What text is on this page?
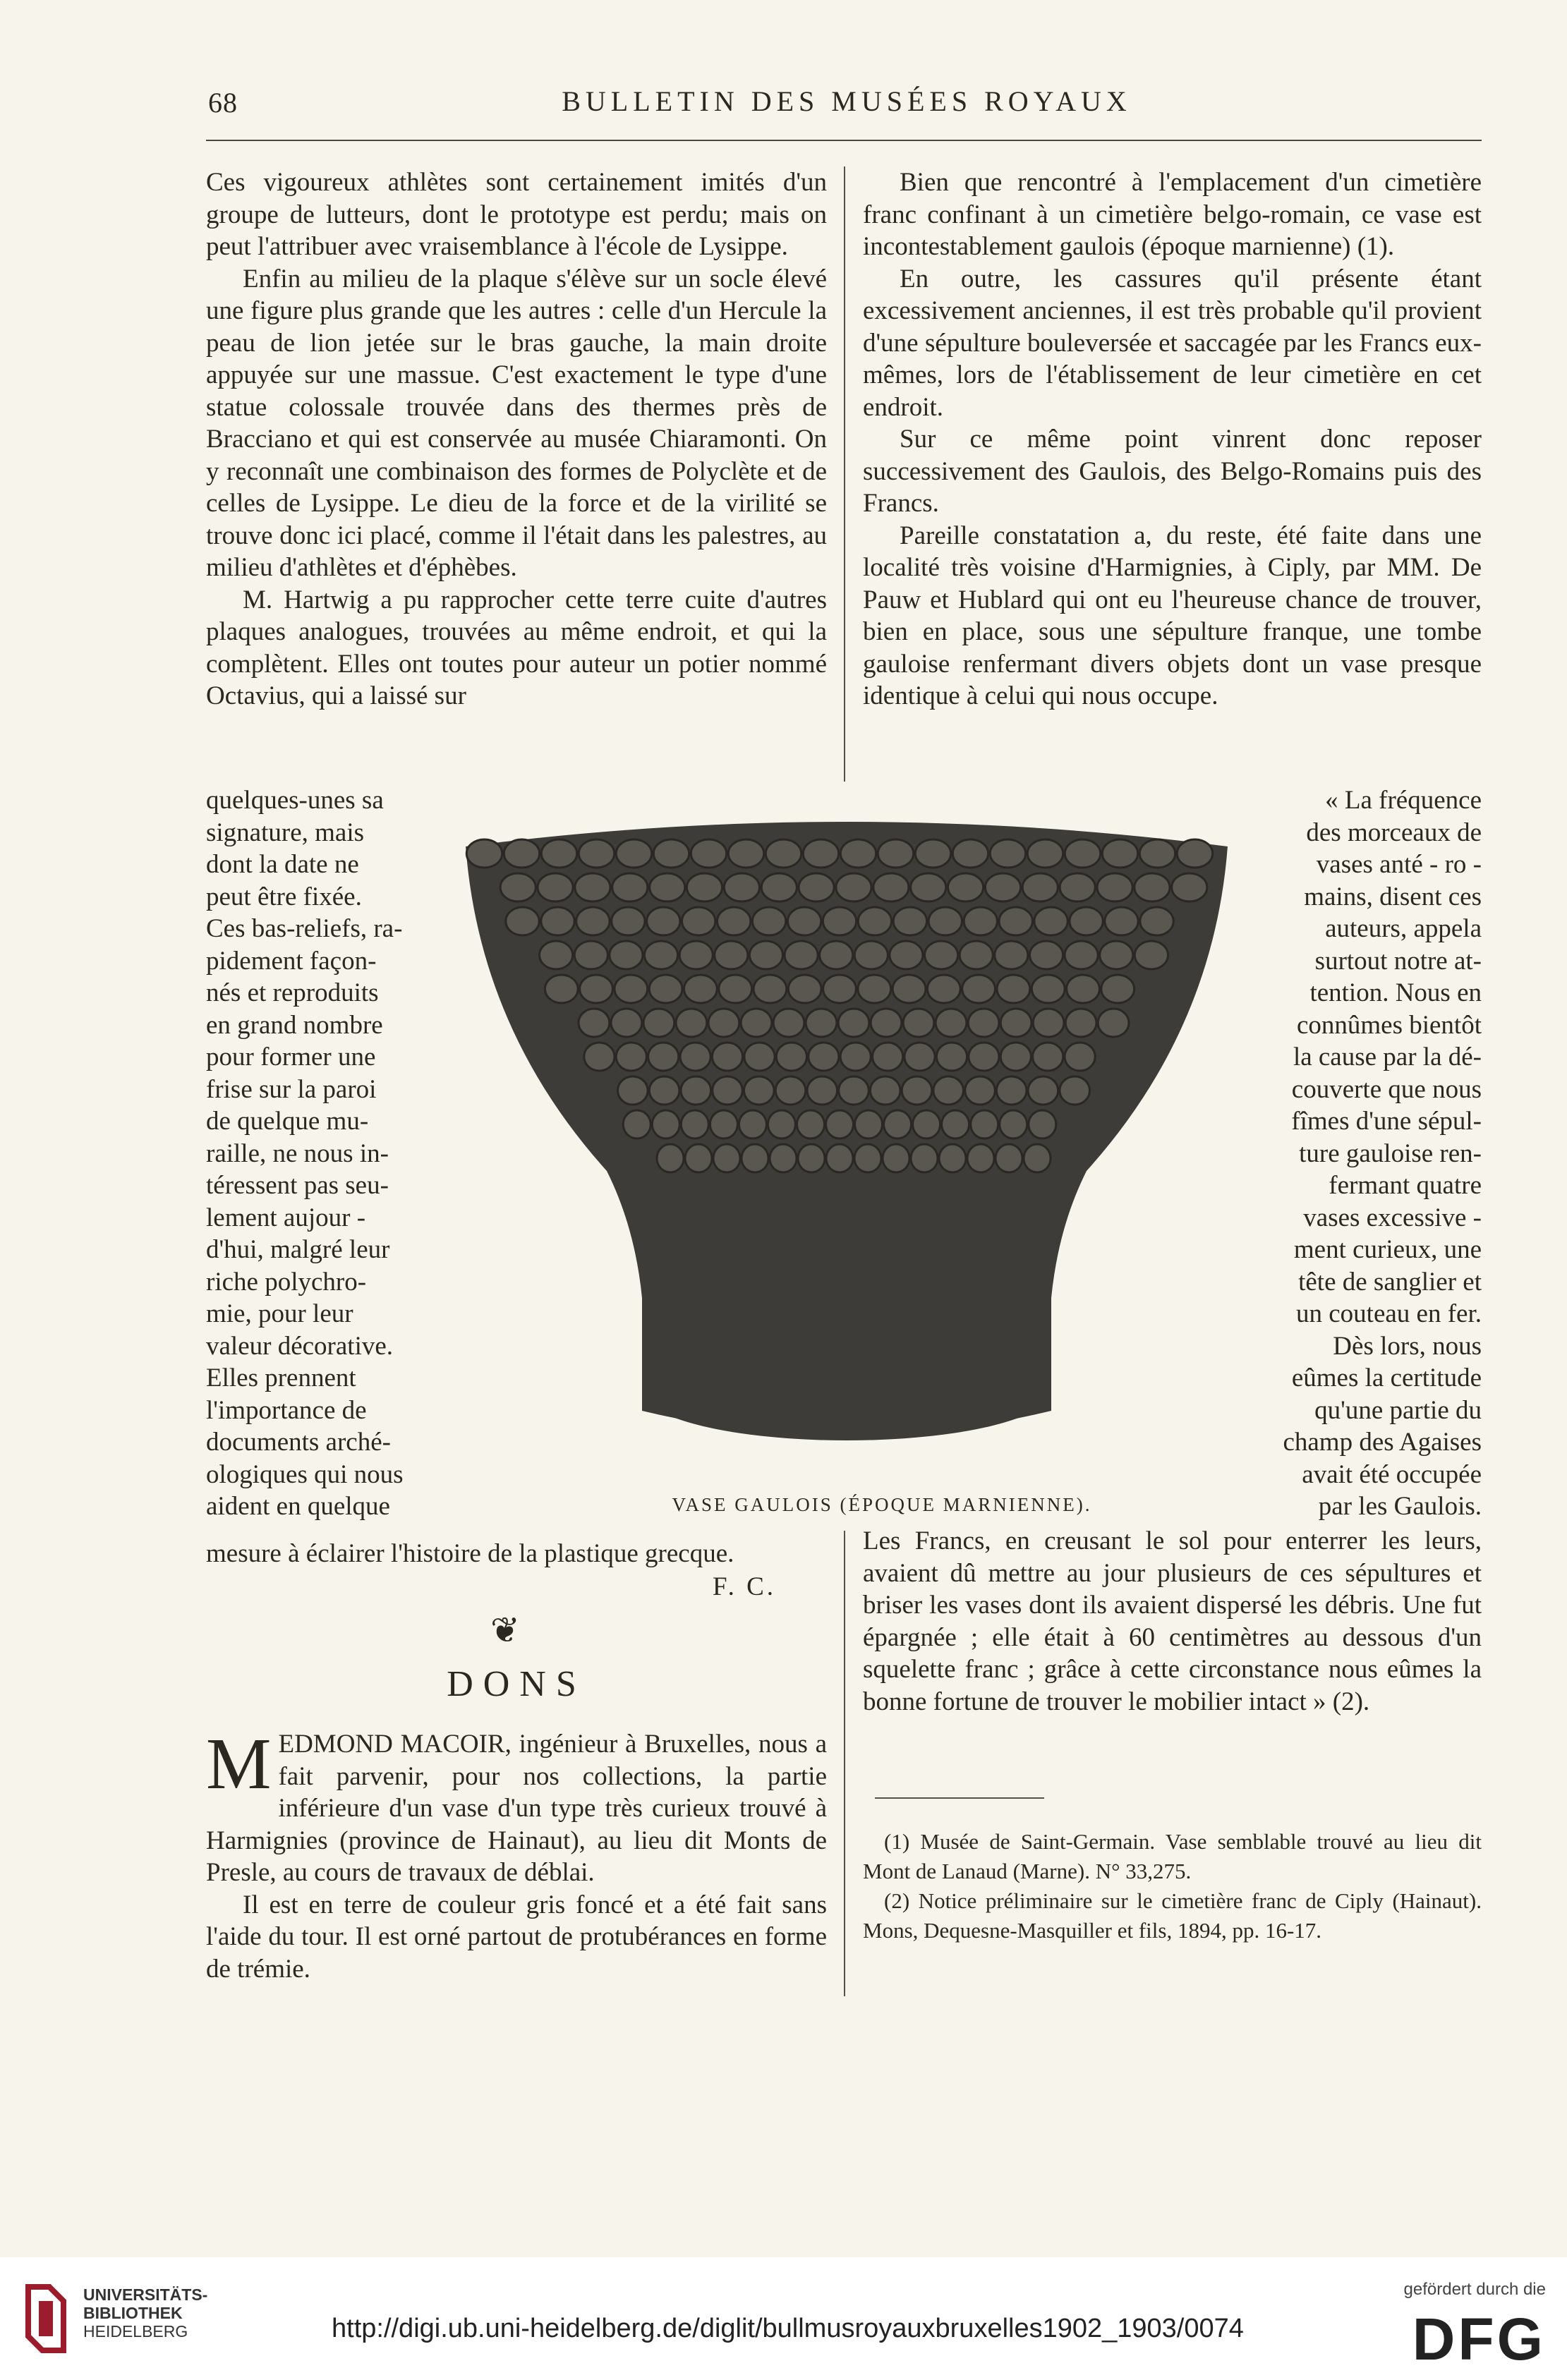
68	BULLETIN DES MUSÉES ROYAUX

Ces vigoureux athlètes sont certainement imités d'un groupe de lutteurs, dont le prototype est perdu; mais on peut l'attribuer avec vraisemblance à l'école de Lysippe.

Enfin au milieu de la plaque s'élève sur un socle élevé une figure plus grande que les autres : celle d'un Hercule la peau de lion jetée sur le bras gauche, la main droite appuyée sur une massue. C'est exactement le type d'une statue colossale trouvée dans des thermes près de Bracciano et qui est conservée au musée Chiaramonti. On y reconnaît une combinaison des formes de Polyclète et de celles de Lysippe. Le dieu de la force et de la virilité se trouve donc ici placé, comme il l'était dans les palestres, au milieu d'athlètes et d'éphèbes.

M. Hartwig a pu rapprocher cette terre cuite d'autres plaques analogues, trouvées au même endroit, et qui la complètent. Elles ont toutes pour auteur un potier nommé Octavius, qui a laissé sur

Bien que rencontré à l'emplacement d'un cimetière franc confinant à un cimetière belgo-romain, ce vase est incontestablement gaulois (époque marnienne) (1).

En outre, les cassures qu'il présente étant excessivement anciennes, il est très probable qu'il provient d'une sépulture bouleversée et saccagée par les Francs eux-mêmes, lors de l'établissement de leur cimetière en cet endroit.

Sur ce même point vinrent donc reposer successivement des Gaulois, des Belgo-Romains puis des Francs.

Pareille constatation a, du reste, été faite dans une localité très voisine d'Harmignies, à Ciply, par MM. De Pauw et Hublard qui ont eu l'heureuse chance de trouver, bien en place, sous une sépulture franque, une tombe gauloise renfermant divers objets dont un vase presque identique à celui qui nous occupe.

quelques-unes sa
signature, mais
dont la date ne
peut être fixée.
Ces bas-reliefs, ra-
pidement façon-
nés et reproduits
en grand nombre
pour former une
frise sur la paroi
de quelque mu-
raille, ne nous in-
téressent pas seu-
lement aujour -
d'hui, malgré leur
riche polychro-
mie, pour leur
valeur décorative.
Elles prennent
l'importance de
documents arché-
ologiques qui nous
aident en quelque	VASE GAULOIS (ÉPOQUE MARNIENNE).
« La fréquence
des morceaux de
vases anté - ro -
mains, disent ces
auteurs, appela
surtout notre at-
tention. Nous en
connûmes bientôt
la cause par la dé-
couverte que nous
fîmes d'une sépul-
ture gauloise ren-
fermant quatre
vases excessive -
ment curieux, une
tête de sanglier et
un couteau en fer.
Dès lors, nous
eûmes la certitude
qu'une partie du
champ des Agaises
avait été occupée
par les Gaulois.
mesure à éclairer l'histoire de la plastique grecque.
F. C.
❦
DONS

MEDMOND MACOIR, ingénieur à Bruxelles, nous a fait parvenir, pour nos collections, la partie inférieure d'un vase d'un type très curieux trouvé à Harmignies (province de Hainaut), au lieu dit Monts de Presle, au cours de travaux de déblai.

Il est en terre de couleur gris foncé et a été fait sans l'aide du tour. Il est orné partout de protubérances en forme de trémie.

Les Francs, en creusant le sol pour enterrer les leurs, avaient dû mettre au jour plusieurs de ces sépultures et briser les vases dont ils avaient dispersé les débris. Une fut épargnée ; elle était à 60 centimètres au dessous d'un squelette franc ; grâce à cette circonstance nous eûmes la bonne fortune de trouver le mobilier intact » (2).

(1) Musée de Saint-Germain. Vase semblable trouvé au lieu dit Mont de Lanaud (Marne). N° 33,275.

(2) Notice préliminaire sur le cimetière franc de Ciply (Hainaut). Mons, Dequesne-Masquiller et fils, 1894, pp. 16-17.

UNIVERSITÄTS-
BIBLIOTHEK
HEIDELBERG	http://digi.ub.uni-heidelberg.de/diglit/bullmusroyauxbruxelles1902_1903/0074
gefördert durch die
DFG
